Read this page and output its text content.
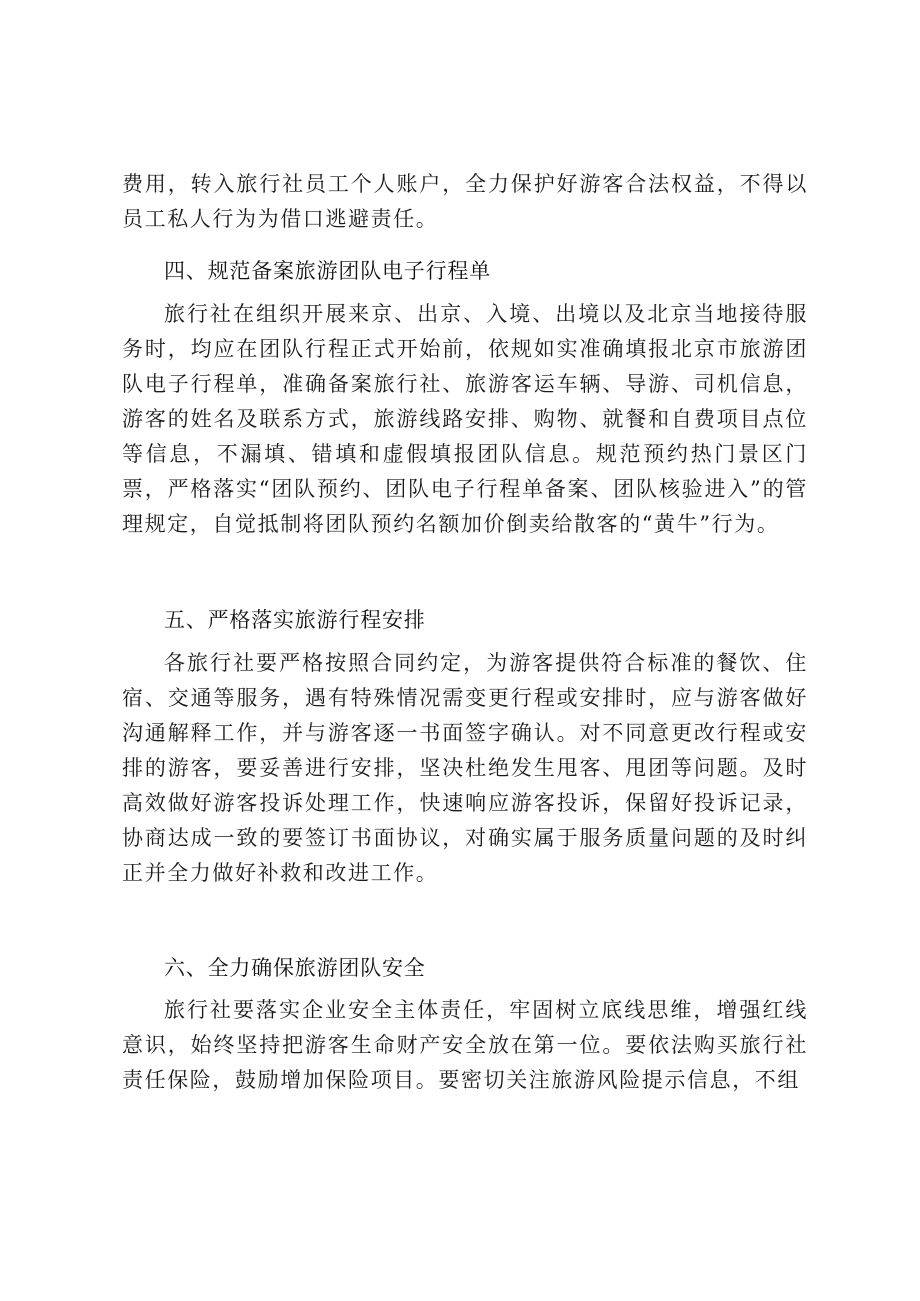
费用，转入旅行社员工个人账户，全力保护好游客合法权益，不得以员工私人行为为借口逃避责任。

四、规范备案旅游团队电子行程单

旅行社在组织开展来京、出京、入境、出境以及北京当地接待服务时，均应在团队行程正式开始前，依规如实准确填报北京市旅游团队电子行程单，准确备案旅行社、旅游客运车辆、导游、司机信息，游客的姓名及联系方式，旅游线路安排、购物、就餐和自费项目点位等信息，不漏填、错填和虚假填报团队信息。规范预约热门景区门票，严格落实“团队预约、团队电子行程单备案、团队核验进入”的管理规定，自觉抵制将团队预约名额加价倒卖给散客的“黄牛”行为。

五、严格落实旅游行程安排

各旅行社要严格按照合同约定，为游客提供符合标准的餐饮、住宿、交通等服务，遇有特殊情况需变更行程或安排时，应与游客做好沟通解释工作，并与游客逐一书面签字确认。对不同意更改行程或安排的游客，要妥善进行安排，坚决杜绝发生甩客、甩团等问题。及时高效做好游客投诉处理工作，快速响应游客投诉，保留好投诉记录，协商达成一致的要签订书面协议，对确实属于服务质量问题的及时纠正并全力做好补救和改进工作。

六、全力确保旅游团队安全

旅行社要落实企业安全主体责任，牢固树立底线思维，增强红线意识，始终坚持把游客生命财产安全放在第一位。要依法购买旅行社责任保险，鼓励增加保险项目。要密切关注旅游风险提示信息，不组
